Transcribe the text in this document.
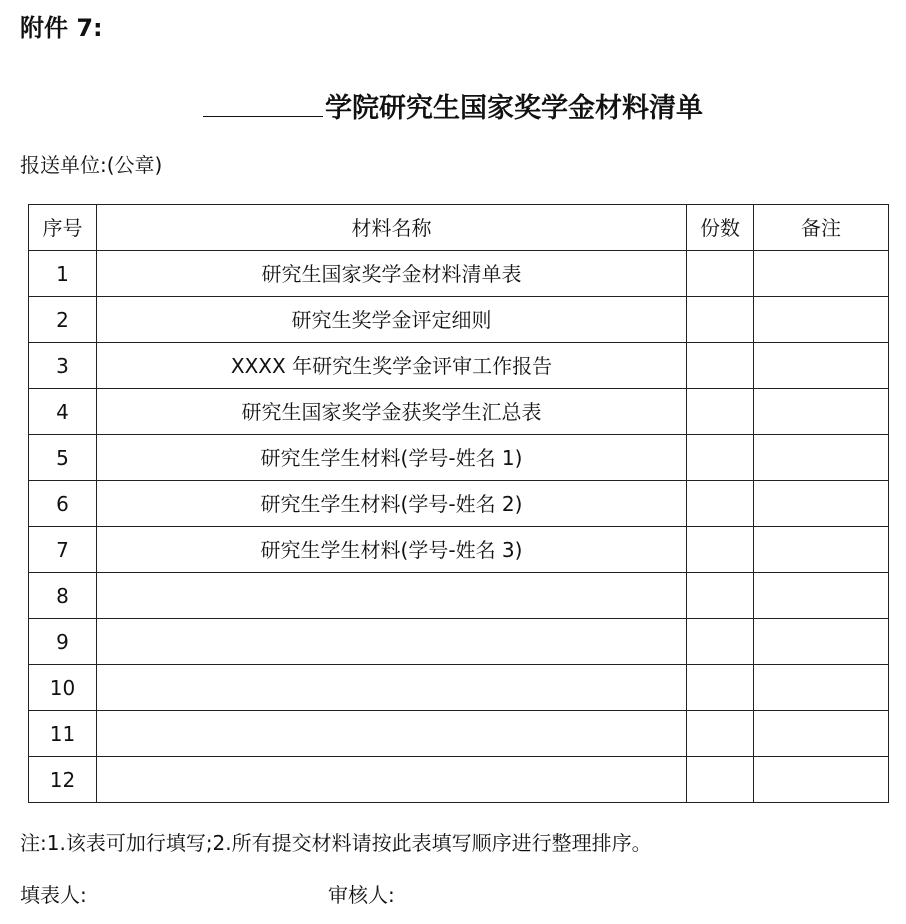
附件 7:
学院研究生国家奖学金材料清单
报送单位:(公章)
序号	材料名称	份数	备注
1	研究生国家奖学金材料清单表		
2	研究生奖学金评定细则		
3	XXXX 年研究生奖学金评审工作报告		
4	研究生国家奖学金获奖学生汇总表		
5	研究生学生材料(学号-姓名 1)		
6	研究生学生材料(学号-姓名 2)		
7	研究生学生材料(学号-姓名 3)		
8			
9			
10			
11			
12			
注:1.该表可加行填写;2.所有提交材料请按此表填写顺序进行整理排序。
填表人:	审核人:
